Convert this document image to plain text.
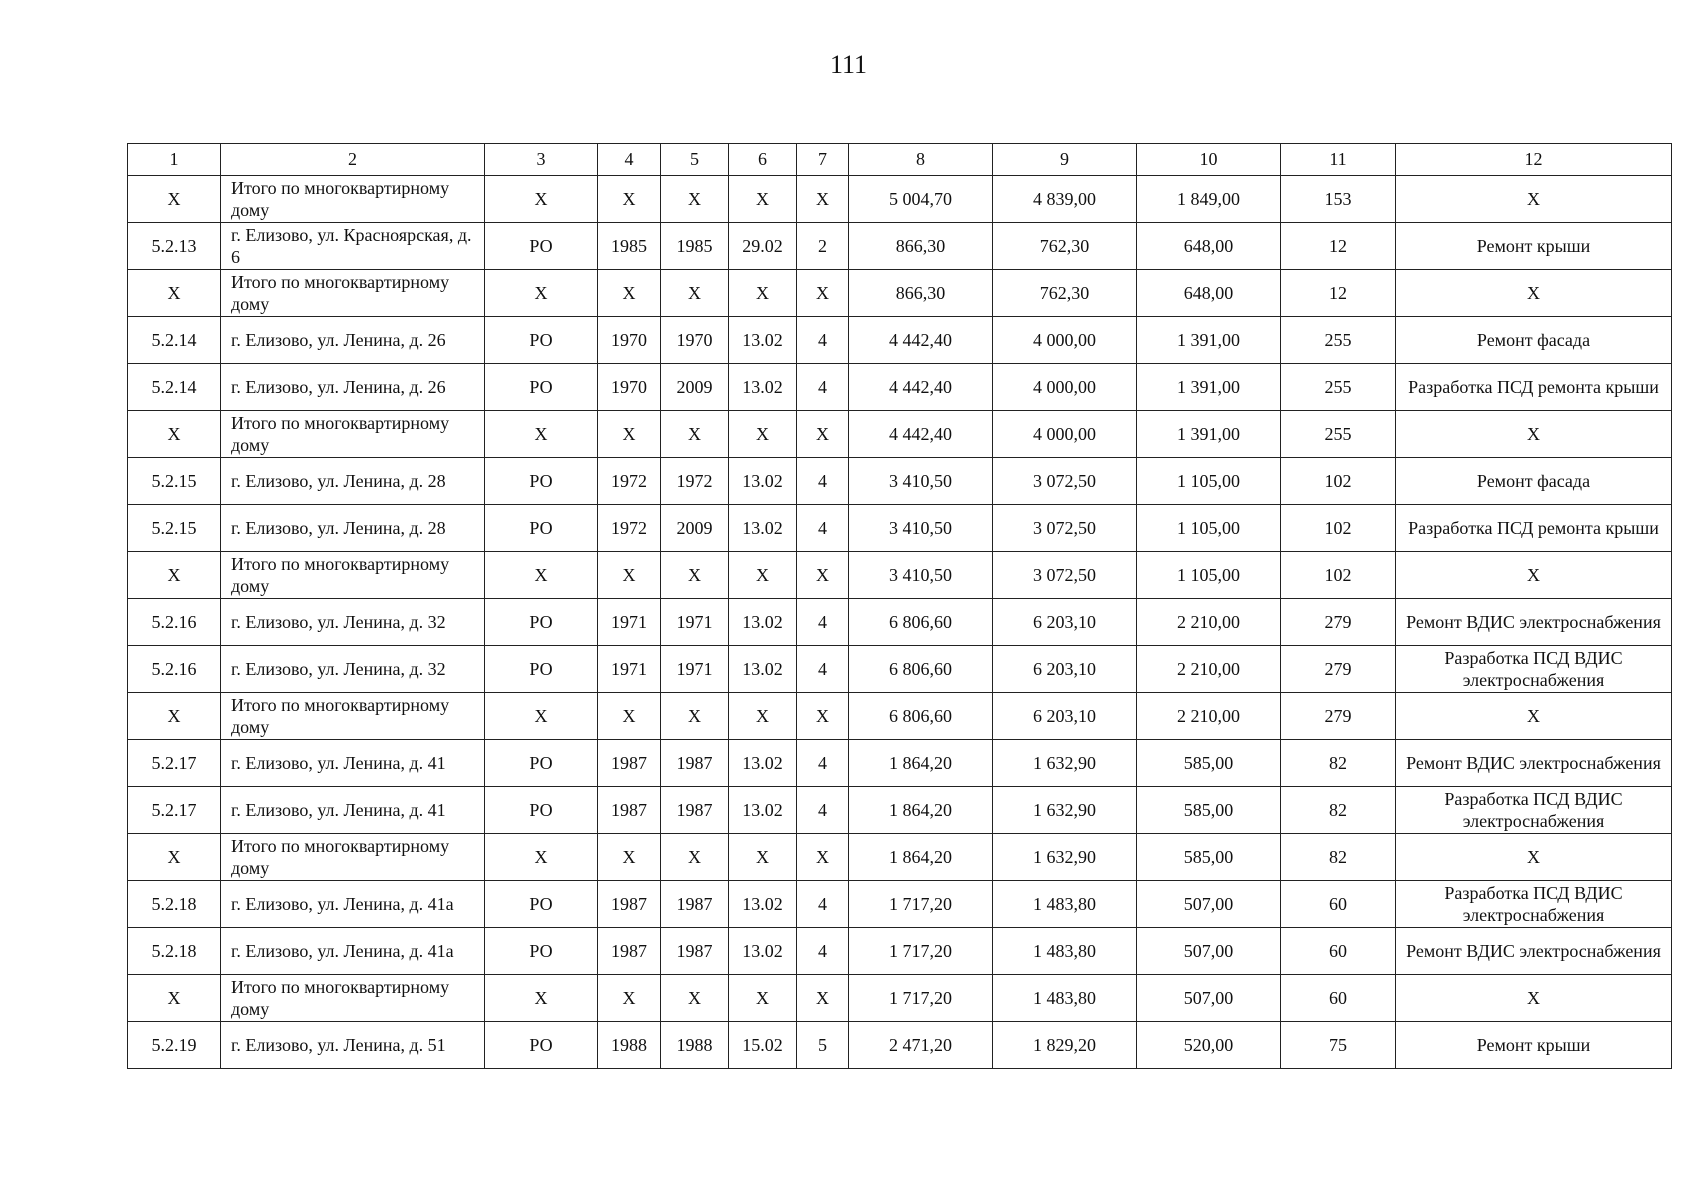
111
1	2	3	4	5	6	7	8	9	10	11	12
X	Итого по многоквартирному дому	X	X	X	X	X	5 004,70	4 839,00	1 849,00	153	X
5.2.13	г. Елизово, ул. Красноярская, д. 6	РО	1985	1985	29.02	2	866,30	762,30	648,00	12	Ремонт крыши
X	Итого по многоквартирному дому	X	X	X	X	X	866,30	762,30	648,00	12	X
5.2.14	г. Елизово, ул. Ленина, д. 26	РО	1970	1970	13.02	4	4 442,40	4 000,00	1 391,00	255	Ремонт фасада
5.2.14	г. Елизово, ул. Ленина, д. 26	РО	1970	2009	13.02	4	4 442,40	4 000,00	1 391,00	255	Разработка ПСД ремонта крыши
X	Итого по многоквартирному дому	X	X	X	X	X	4 442,40	4 000,00	1 391,00	255	X
5.2.15	г. Елизово, ул. Ленина, д. 28	РО	1972	1972	13.02	4	3 410,50	3 072,50	1 105,00	102	Ремонт фасада
5.2.15	г. Елизово, ул. Ленина, д. 28	РО	1972	2009	13.02	4	3 410,50	3 072,50	1 105,00	102	Разработка ПСД ремонта крыши
X	Итого по многоквартирному дому	X	X	X	X	X	3 410,50	3 072,50	1 105,00	102	X
5.2.16	г. Елизово, ул. Ленина, д. 32	РО	1971	1971	13.02	4	6 806,60	6 203,10	2 210,00	279	Ремонт ВДИС электроснабжения
5.2.16	г. Елизово, ул. Ленина, д. 32	РО	1971	1971	13.02	4	6 806,60	6 203,10	2 210,00	279	Разработка ПСД ВДИС электроснабжения
X	Итого по многоквартирному дому	X	X	X	X	X	6 806,60	6 203,10	2 210,00	279	X
5.2.17	г. Елизово, ул. Ленина, д. 41	РО	1987	1987	13.02	4	1 864,20	1 632,90	585,00	82	Ремонт ВДИС электроснабжения
5.2.17	г. Елизово, ул. Ленина, д. 41	РО	1987	1987	13.02	4	1 864,20	1 632,90	585,00	82	Разработка ПСД ВДИС электроснабжения
X	Итого по многоквартирному дому	X	X	X	X	X	1 864,20	1 632,90	585,00	82	X
5.2.18	г. Елизово, ул. Ленина, д. 41а	РО	1987	1987	13.02	4	1 717,20	1 483,80	507,00	60	Разработка ПСД ВДИС электроснабжения
5.2.18	г. Елизово, ул. Ленина, д. 41а	РО	1987	1987	13.02	4	1 717,20	1 483,80	507,00	60	Ремонт ВДИС электроснабжения
X	Итого по многоквартирному дому	X	X	X	X	X	1 717,20	1 483,80	507,00	60	X
5.2.19	г. Елизово, ул. Ленина, д. 51	РО	1988	1988	15.02	5	2 471,20	1 829,20	520,00	75	Ремонт крыши
